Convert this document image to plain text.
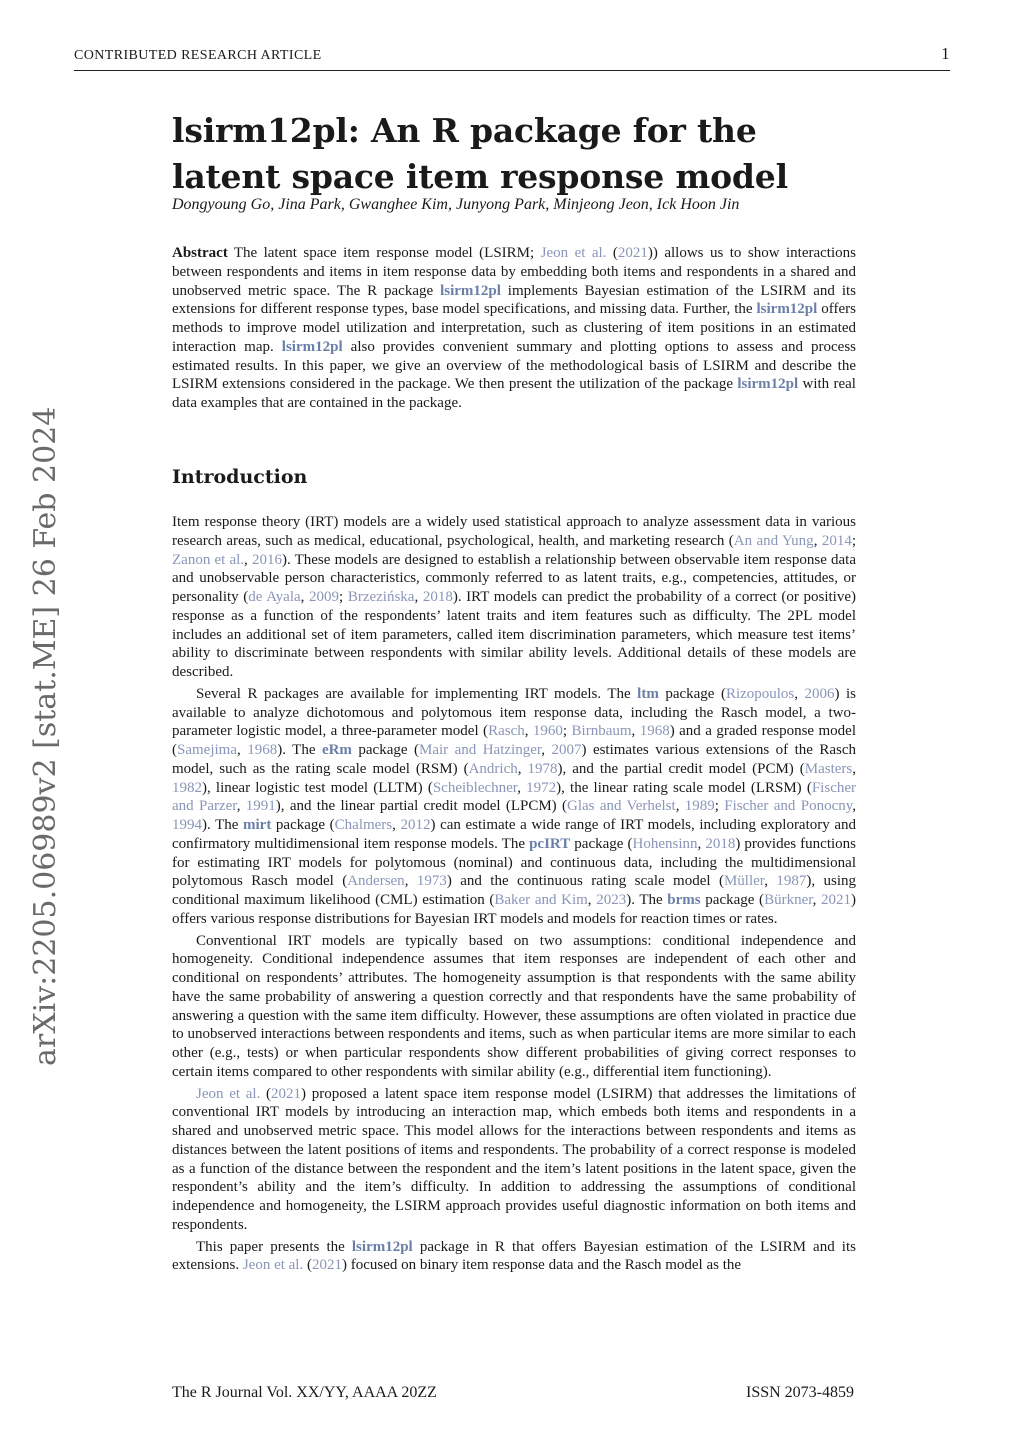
CONTRIBUTED RESEARCH ARTICLE	1
arXiv:2205.06989v2 [stat.ME] 26 Feb 2024
lsirm12pl: An R package for the latent space item response model
Dongyoung Go, Jina Park, Gwanghee Kim, Junyong Park, Minjeong Jeon, Ick Hoon Jin

Abstract The latent space item response model (LSIRM; Jeon et al. (2021)) allows us to show interactions between respondents and items in item response data by embedding both items and respondents in a shared and unobserved metric space. The R package lsirm12pl implements Bayesian estimation of the LSIRM and its extensions for different response types, base model specifications, and missing data. Further, the lsirm12pl offers methods to improve model utilization and interpretation, such as clustering of item positions in an estimated interaction map. lsirm12pl also provides convenient summary and plotting options to assess and process estimated results. In this paper, we give an overview of the methodological basis of LSIRM and describe the LSIRM extensions considered in the package. We then present the utilization of the package lsirm12pl with real data examples that are contained in the package.

Introduction

Item response theory (IRT) models are a widely used statistical approach to analyze assessment data in various research areas, such as medical, educational, psychological, health, and marketing research (An and Yung, 2014; Zanon et al., 2016). These models are designed to establish a relationship between observable item response data and unobservable person characteristics, commonly referred to as latent traits, e.g., competencies, attitudes, or personality (de Ayala, 2009; Brzezińska, 2018). IRT models can predict the probability of a correct (or positive) response as a function of the respondents’ latent traits and item features such as difficulty. The 2PL model includes an additional set of item parameters, called item discrimination parameters, which measure test items’ ability to discriminate between respondents with similar ability levels. Additional details of these models are described.

Several R packages are available for implementing IRT models. The ltm package (Rizopoulos, 2006) is available to analyze dichotomous and polytomous item response data, including the Rasch model, a two-parameter logistic model, a three-parameter model (Rasch, 1960; Birnbaum, 1968) and a graded response model (Samejima, 1968). The eRm package (Mair and Hatzinger, 2007) estimates various extensions of the Rasch model, such as the rating scale model (RSM) (Andrich, 1978), and the partial credit model (PCM) (Masters, 1982), linear logistic test model (LLTM) (Scheiblechner, 1972), the linear rating scale model (LRSM) (Fischer and Parzer, 1991), and the linear partial credit model (LPCM) (Glas and Verhelst, 1989; Fischer and Ponocny, 1994). The mirt package (Chalmers, 2012) can estimate a wide range of IRT models, including exploratory and confirmatory multidimensional item response models. The pcIRT package (Hohensinn, 2018) provides functions for estimating IRT models for polytomous (nominal) and continuous data, including the multidimensional polytomous Rasch model (Andersen, 1973) and the continuous rating scale model (Müller, 1987), using conditional maximum likelihood (CML) estimation (Baker and Kim, 2023). The brms package (Bürkner, 2021) offers various response distributions for Bayesian IRT models and models for reaction times or rates.

Conventional IRT models are typically based on two assumptions: conditional independence and homogeneity. Conditional independence assumes that item responses are independent of each other and conditional on respondents’ attributes. The homogeneity assumption is that respondents with the same ability have the same probability of answering a question correctly and that respondents have the same probability of answering a question with the same item difficulty. However, these assumptions are often violated in practice due to unobserved interactions between respondents and items, such as when particular items are more similar to each other (e.g., tests) or when particular respondents show different probabilities of giving correct responses to certain items compared to other respondents with similar ability (e.g., differential item functioning).

Jeon et al. (2021) proposed a latent space item response model (LSIRM) that addresses the limitations of conventional IRT models by introducing an interaction map, which embeds both items and respondents in a shared and unobserved metric space. This model allows for the interactions between respondents and items as distances between the latent positions of items and respondents. The probability of a correct response is modeled as a function of the distance between the respondent and the item’s latent positions in the latent space, given the respondent’s ability and the item’s difficulty. In addition to addressing the assumptions of conditional independence and homogeneity, the LSIRM approach provides useful diagnostic information on both items and respondents.

This paper presents the lsirm12pl package in R that offers Bayesian estimation of the LSIRM and its extensions. Jeon et al. (2021) focused on binary item response data and the Rasch model as the

The R Journal Vol. XX/YY, AAAA 20ZZ	ISSN 2073-4859
